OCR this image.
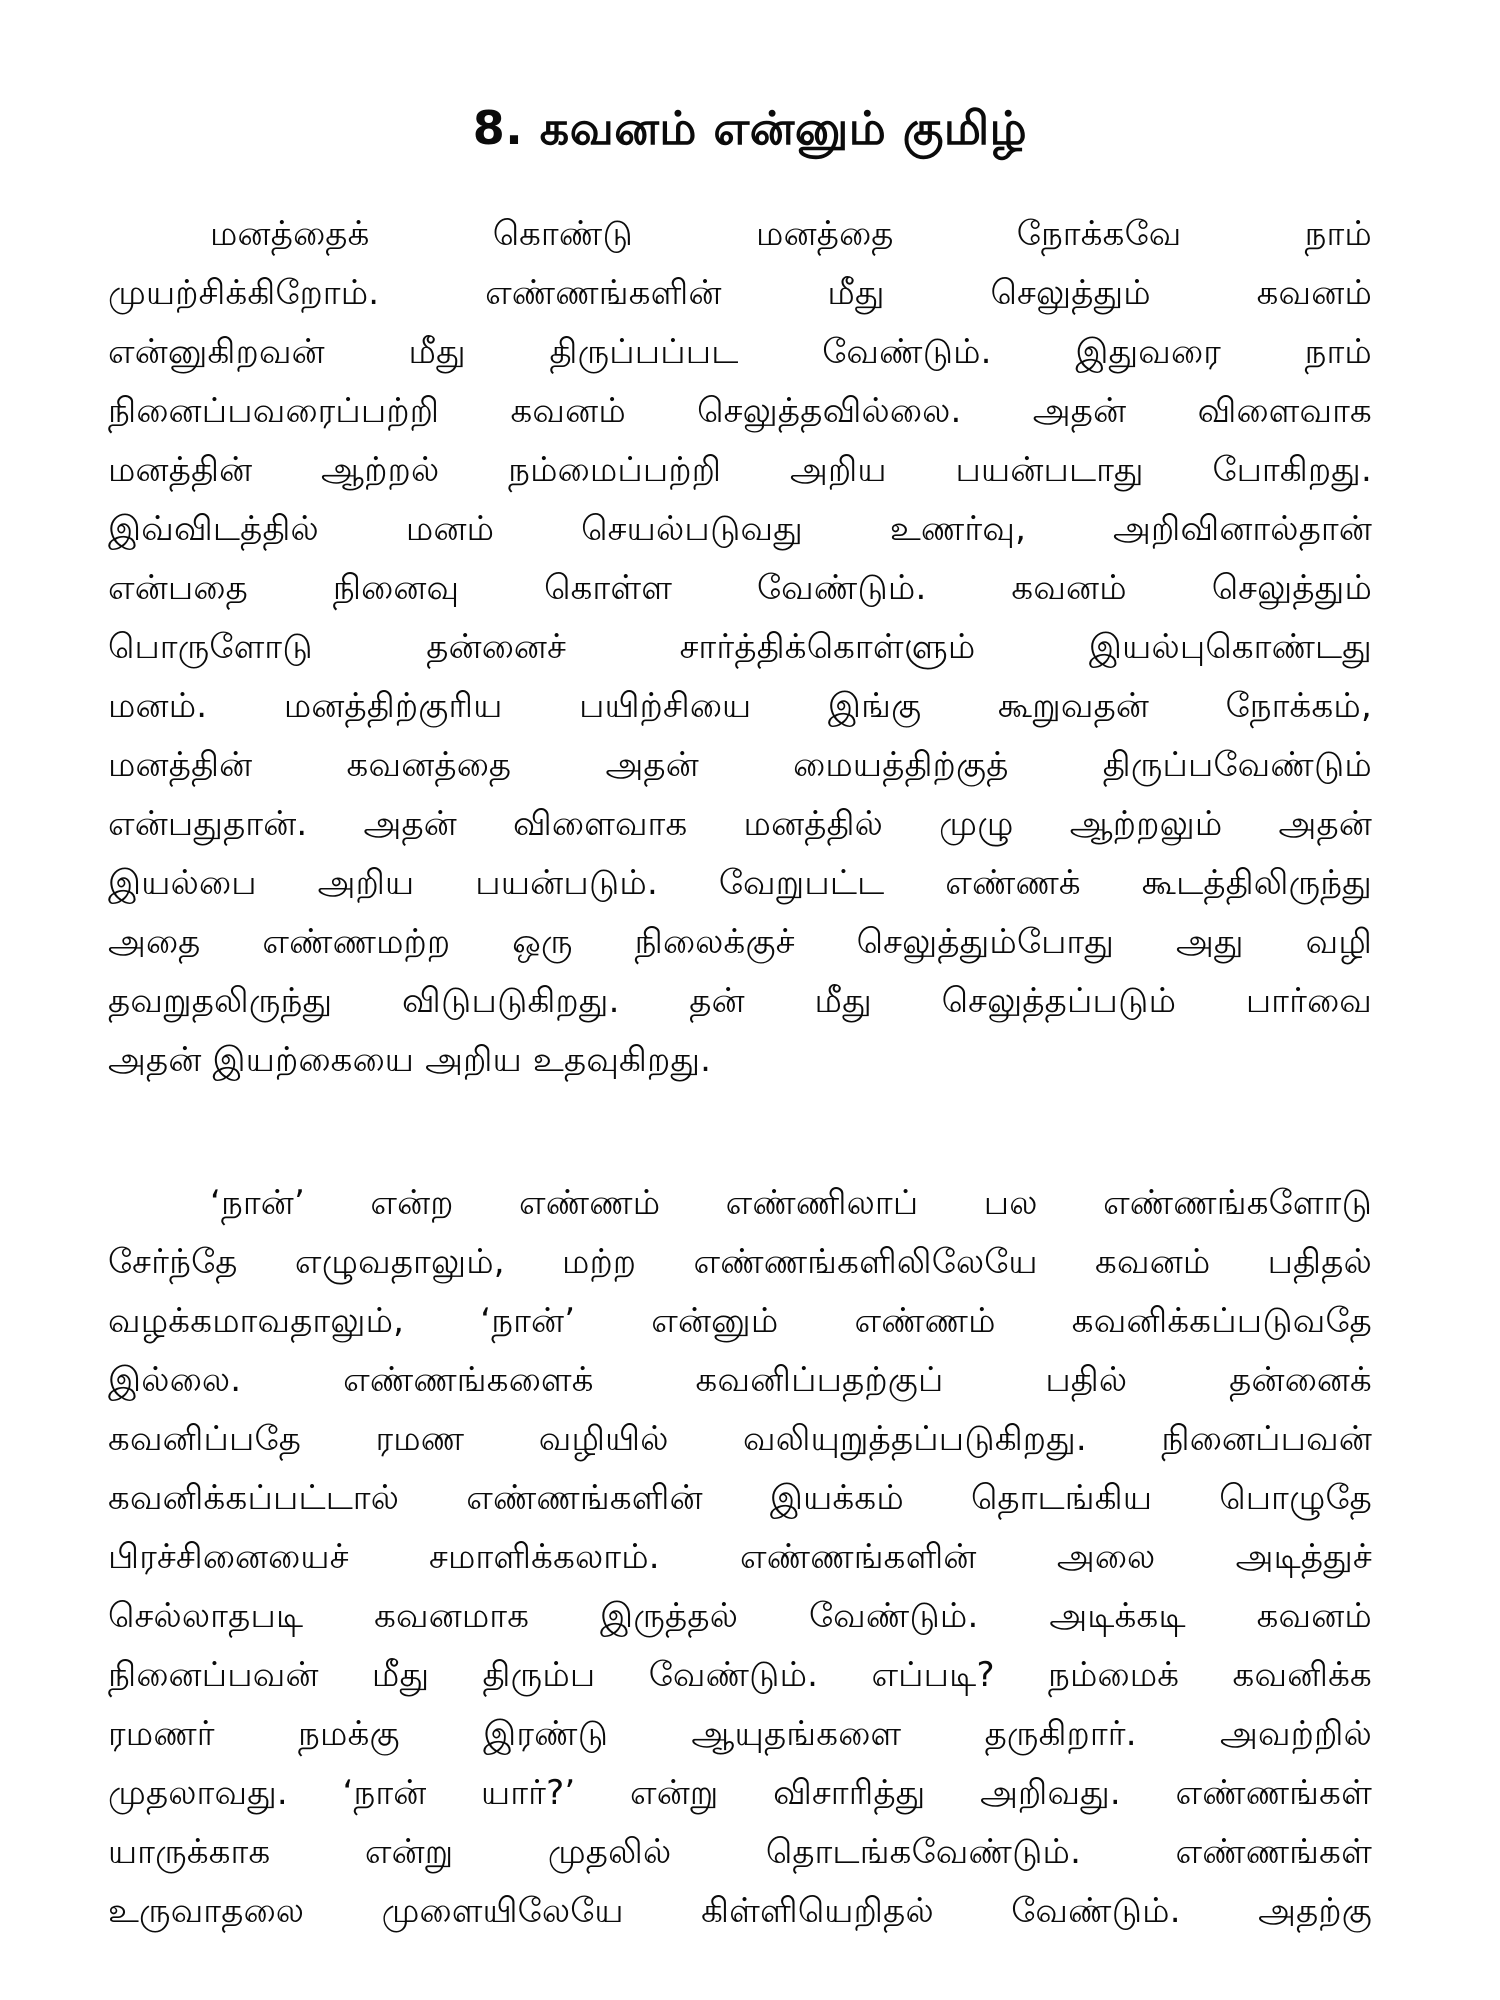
8. கவனம் என்னும் குமிழ்
மனத்தைக் கொண்டு மனத்தை நோக்கவே நாம்
முயற்சிக்கிறோம். எண்ணங்களின் மீது செலுத்தும் கவனம்
என்னுகிறவன் மீது திருப்பப்பட வேண்டும். இதுவரை நாம்
நினைப்பவரைப்பற்றி கவனம் செலுத்தவில்லை. அதன் விளைவாக
மனத்தின் ஆற்றல் நம்மைப்பற்றி அறிய பயன்படாது போகிறது.
இவ்விடத்தில் மனம் செயல்படுவது உணர்வு, அறிவினால்தான்
என்பதை நினைவு கொள்ள வேண்டும். கவனம் செலுத்தும்
பொருளோடு தன்னைச் சார்த்திக்கொள்ளும் இயல்புகொண்டது
மனம். மனத்திற்குரிய பயிற்சியை இங்கு கூறுவதன் நோக்கம்,
மனத்தின் கவனத்தை அதன் மையத்திற்குத் திருப்பவேண்டும்
என்பதுதான். அதன் விளைவாக மனத்தில் முழு ஆற்றலும் அதன்
இயல்பை அறிய பயன்படும். வேறுபட்ட எண்ணக் கூடத்திலிருந்து
அதை எண்ணமற்ற ஒரு நிலைக்குச் செலுத்தும்போது அது வழி
தவறுதலிருந்து விடுபடுகிறது. தன் மீது செலுத்தப்படும் பார்வை
அதன் இயற்கையை அறிய உதவுகிறது.
‘நான்’ என்ற எண்ணம் எண்ணிலாப் பல எண்ணங்களோடு
சேர்ந்தே எழுவதாலும், மற்ற எண்ணங்களிலிலேயே கவனம் பதிதல்
வழக்கமாவதாலும், ‘நான்’ என்னும் எண்ணம் கவனிக்கப்படுவதே
இல்லை. எண்ணங்களைக் கவனிப்பதற்குப் பதில் தன்னைக்
கவனிப்பதே ரமண வழியில் வலியுறுத்தப்படுகிறது. நினைப்பவன்
கவனிக்கப்பட்டால் எண்ணங்களின் இயக்கம் தொடங்கிய பொழுதே
பிரச்சினையைச் சமாளிக்கலாம். எண்ணங்களின் அலை அடித்துச்
செல்லாதபடி கவனமாக இருத்தல் வேண்டும். அடிக்கடி கவனம்
நினைப்பவன் மீது திரும்ப வேண்டும். எப்படி? நம்மைக் கவனிக்க
ரமணர் நமக்கு இரண்டு ஆயுதங்களை தருகிறார். அவற்றில்
முதலாவது. ‘நான் யார்?’ என்று விசாரித்து அறிவது. எண்ணங்கள்
யாருக்காக என்று முதலில் தொடங்கவேண்டும். எண்ணங்கள்
உருவாதலை முளையிலேயே கிள்ளியெறிதல் வேண்டும். அதற்கு
